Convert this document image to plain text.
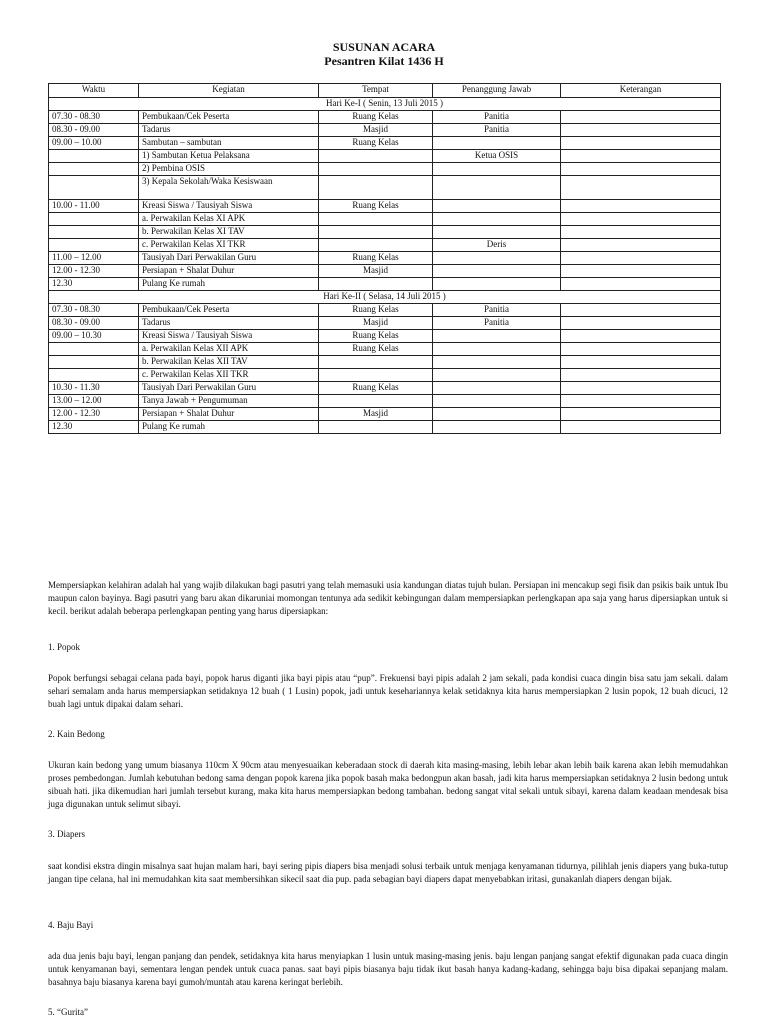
SUSUNAN ACARA
Pesantren Kilat 1436 H
Waktu	Kegiatan	Tempat	Penanggung Jawab	Keterangan
Hari Ke-I ( Senin, 13 Juli 2015 )				
07.30 - 08.30	Pembukaan/Cek Peserta	Ruang Kelas	Panitia	
08.30 - 09.00	Tadarus	Masjid	Panitia	
09.00 – 10.00	Sambutan – sambutan	Ruang Kelas		
	1) Sambutan Ketua Pelaksana		Ketua OSIS	
	2) Pembina OSIS			
	3) Kepala Sekolah/Waka Kesiswaan			
10.00 - 11.00	Kreasi Siswa / Tausiyah Siswa	Ruang Kelas		
	a. Perwakilan Kelas XI APK			
	b. Perwakilan Kelas XI TAV			
	c. Perwakilan Kelas XI TKR		Deris	
11.00 – 12.00	Tausiyah Dari Perwakilan Guru	Ruang Kelas		
12.00 - 12.30	Persiapan + Shalat Duhur	Masjid		
12.30	Pulang Ke rumah			
Hari Ke-II ( Selasa, 14 Juli 2015 )				
07.30 - 08.30	Pembukaan/Cek Peserta	Ruang Kelas	Panitia	
08.30 - 09.00	Tadarus	Masjid	Panitia	
09.00 – 10.30	Kreasi Siswa / Tausiyah Siswa	Ruang Kelas		
	a. Perwakilan Kelas XII APK	Ruang Kelas		
	b. Perwakilan Kelas XII TAV			
	c. Perwakilan Kelas XII TKR			
10.30 - 11.30	Tausiyah Dari Perwakilan Guru	Ruang Kelas		
13.00 – 12.00	Tanya Jawab + Pengumuman			
12.00 - 12.30	Persiapan + Shalat Duhur	Masjid		
12.30	Pulang Ke rumah			
Mempersiapkan kelahiran adalah hal yang wajib dilakukan bagi pasutri yang telah memasuki usia kandungan diatas tujuh bulan. Persiapan ini mencakup segi fisik dan psikis baik untuk Ibu maupun calon bayinya. Bagi pasutri yang baru akan dikaruniai momongan tentunya ada sedikit kebingungan dalam mempersiapkan perlengkapan apa saja yang harus dipersiapkan untuk si kecil. berikut adalah beberapa perlengkapan penting yang harus dipersiapkan:
1. Popok
Popok berfungsi sebagai celana pada bayi, popok harus diganti jika bayi pipis atau “pup”. Frekuensi bayi pipis adalah 2 jam sekali, pada kondisi cuaca dingin bisa satu jam sekali. dalam sehari semalam anda harus mempersiapkan setidaknya 12 buah ( 1 Lusin) popok, jadi untuk kesehariannya kelak setidaknya kita harus mempersiapkan 2 lusin popok, 12 buah dicuci, 12 buah lagi untuk dipakai dalam sehari.
2. Kain Bedong
Ukuran kain bedong yang umum biasanya 110cm X 90cm atau menyesuaikan keberadaan stock di daerah kita masing-masing, lebih lebar akan lebih baik karena akan lebih memudahkan proses pembedongan. Jumlah kebutuhan bedong sama dengan popok karena jika popok basah maka bedongpun akan basah, jadi kita harus mempersiapkan setidaknya 2 lusin bedong untuk sibuah hati. jika dikemudian hari jumlah tersebut kurang, maka kita harus mempersiapkan bedong tambahan. bedong sangat vital sekali untuk sibayi, karena dalam keadaan mendesak bisa juga digunakan untuk selimut sibayi.
3. Diapers
saat kondisi ekstra dingin misalnya saat hujan malam hari, bayi sering pipis diapers bisa menjadi solusi terbaik untuk menjaga kenyamanan tidurnya, pilihlah jenis diapers yang buka-tutup jangan tipe celana, hal ini memudahkan kita saat membersihkan sikecil saat dia pup. pada sebagian bayi diapers dapat menyebabkan iritasi, gunakanlah diapers dengan bijak.
4. Baju Bayi
ada dua jenis baju bayi, lengan panjang dan pendek, setidaknya kita harus menyiapkan 1 lusin untuk masing-masing jenis. baju lengan panjang sangat efektif digunakan pada cuaca dingin untuk kenyamanan bayi, sementara lengan pendek untuk cuaca panas. saat bayi pipis biasanya baju tidak ikut basah hanya kadang-kadang, sehingga baju bisa dipakai sepanjang malam. basahnya baju biasanya karena bayi gumoh/muntah atau karena keringat berlebih.
5. “Gurita”
